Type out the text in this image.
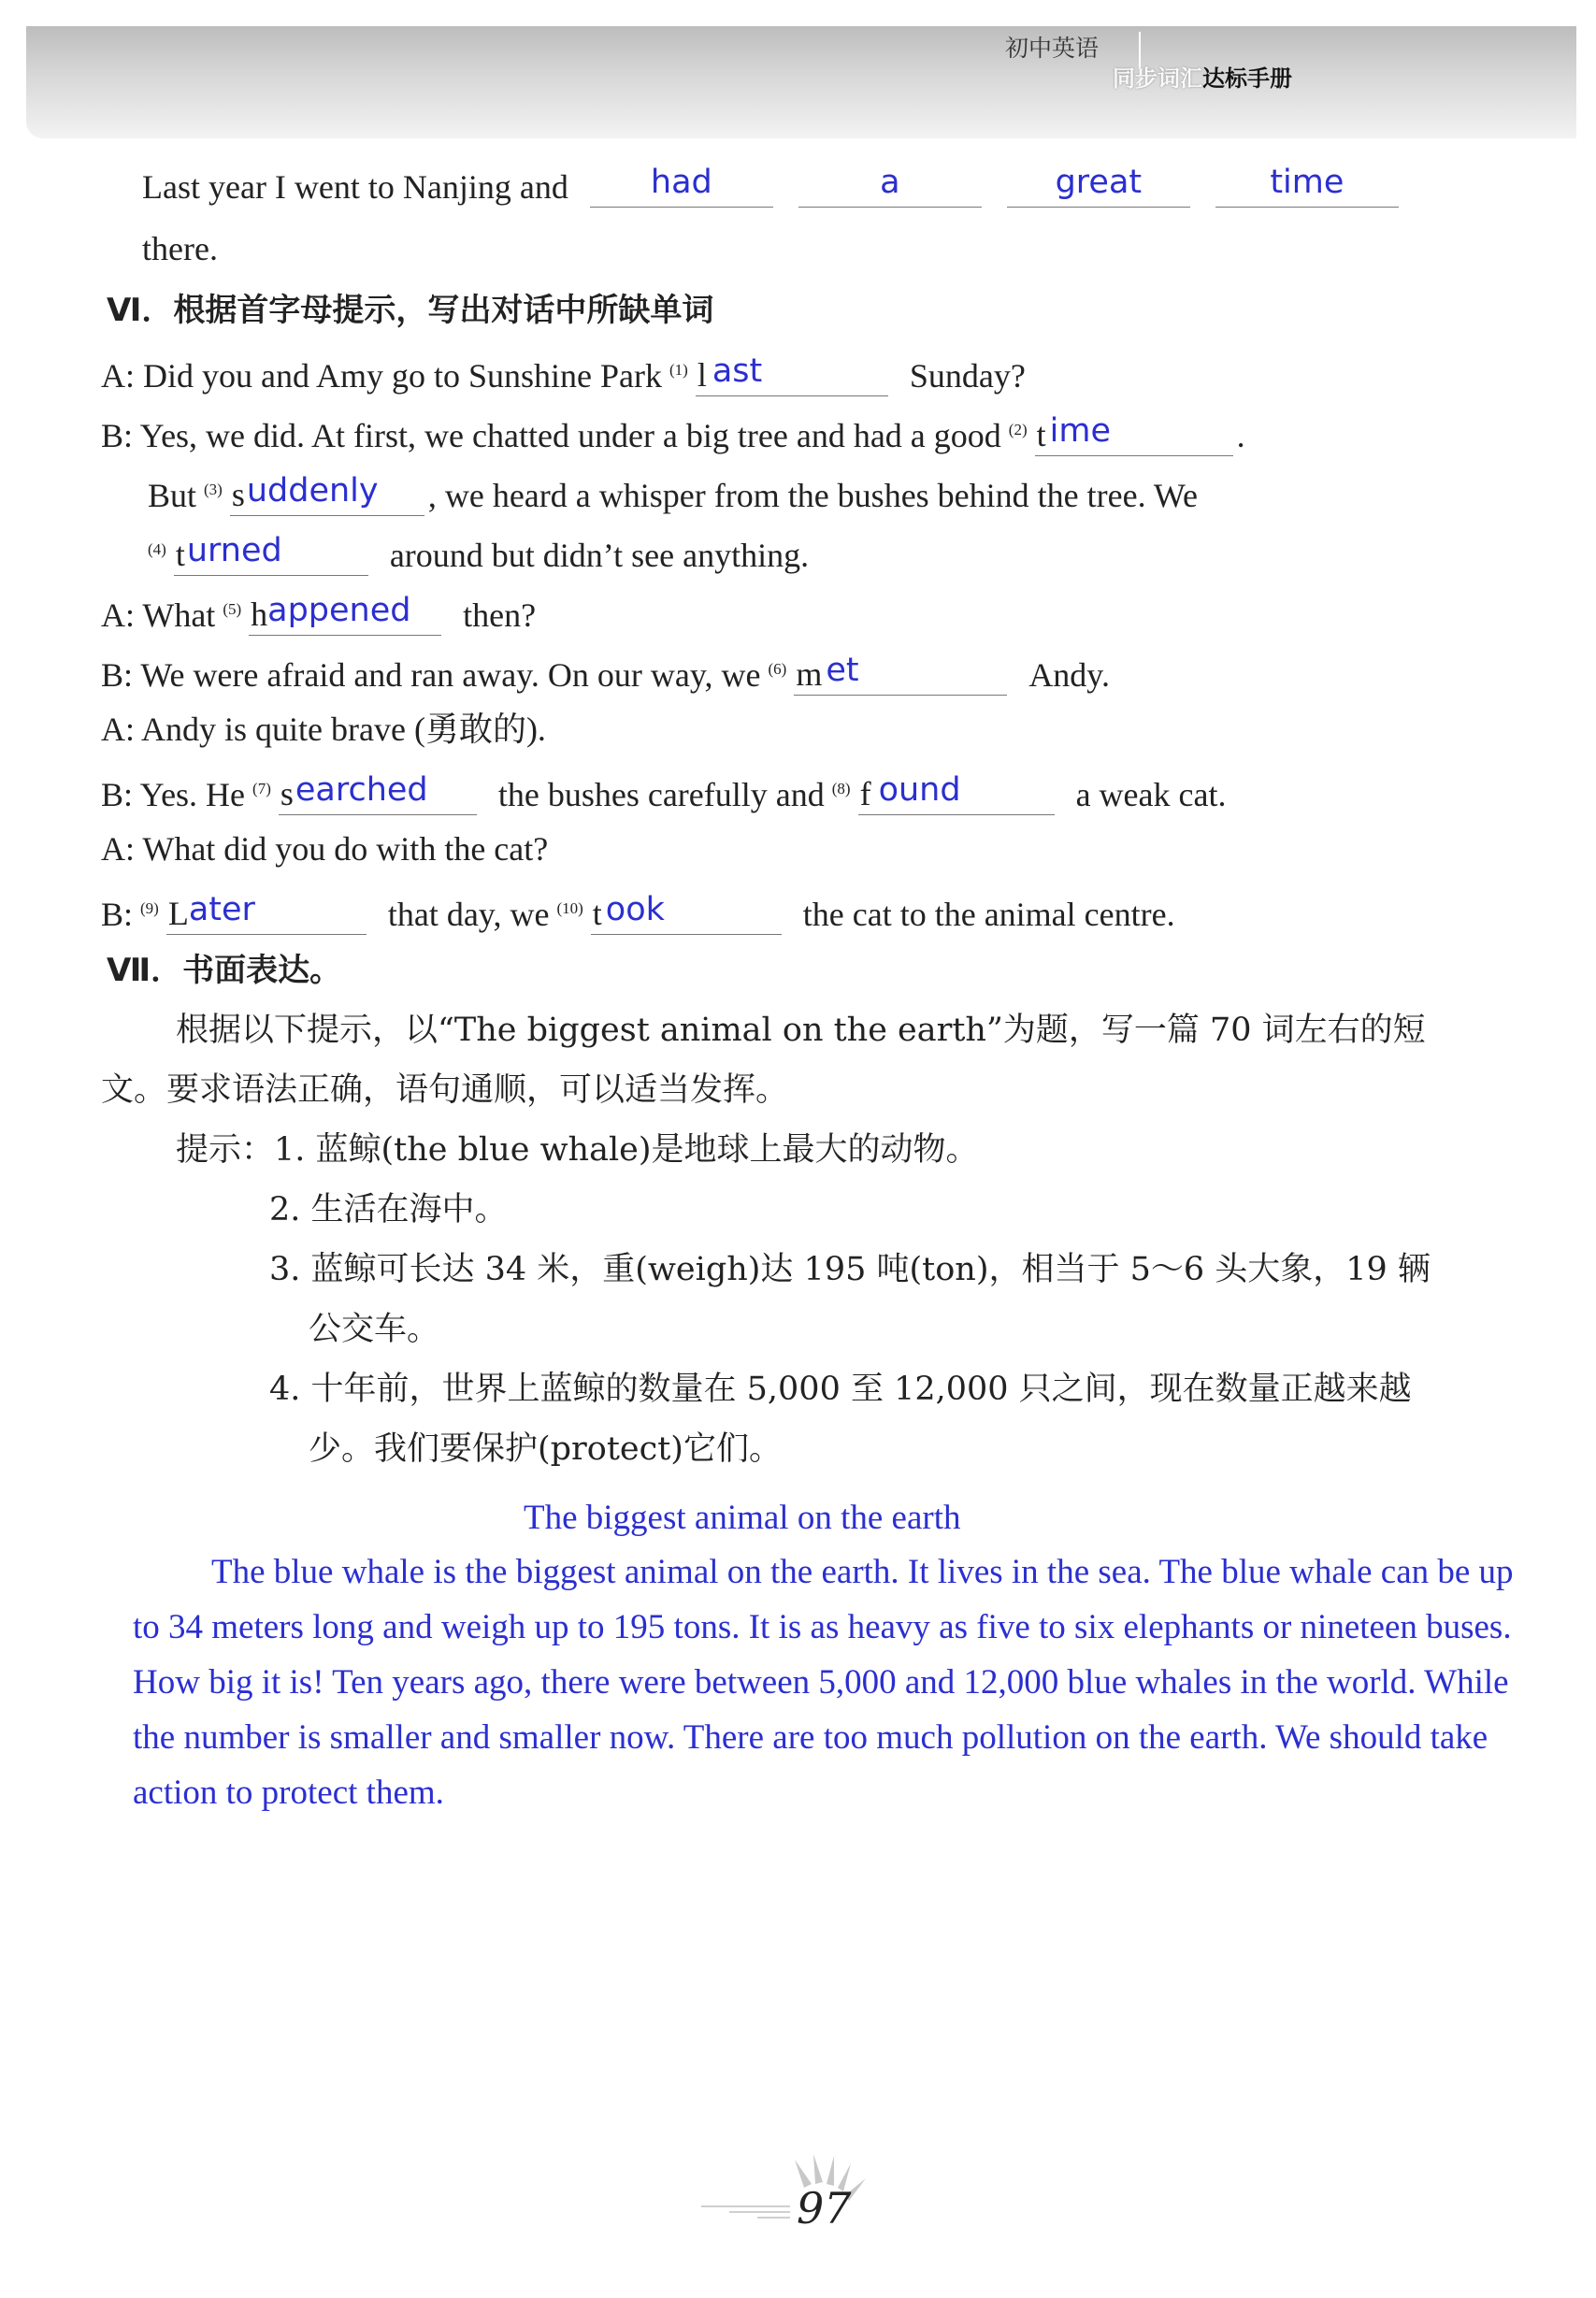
初中英语
同步词汇达标手册
Last year I went to Nanjing and	had
	a
	great
	time
there.
Ⅵ．根据首字母提示，写出对话中所缺单词
A: Did you and Amy go to Sunshine Park $^{(1)}$ l ast	Sunday?
B: Yes, we did. At first, we chatted under a big tree and had a good $^{(2)}$ t ime	.
But $^{(3)}$ s uddenly , we heard a whisper from the bushes behind the tree. We
$^{(4)}$ t urned	around but didn’t see anything.
A: What $^{(5)}$ h appened then?
B: We were afraid and ran away. On our way, we $^{(6)}$ m et	Andy.
A: Andy is quite brave (勇敢的).
B: Yes. He $^{(7)}$ s earched the bushes carefully and $^{(8)}$ f ound	a weak cat.
A: What did you do with the cat?
B: $^{(9)}$ L ater	that day, we $^{(10)}$ t ook	the cat to the animal centre.
Ⅶ．书面表达。
根据以下提示，以“The biggest animal on the earth”为题，写一篇 70 词左右的短
文。要求语法正确，语句通顺，可以适当发挥。
提示：1. 蓝鲸(the blue whale)是地球上最大的动物。
2. 生活在海中。
3. 蓝鲸可长达 34 米，重(weigh)达 195 吨(ton)，相当于 5～6 头大象，19 辆
公交车。
4. 十年前，世界上蓝鲸的数量在 5,000 至 12,000 只之间，现在数量正越来越
少。我们要保护(protect)它们。
The biggest animal on the earth
The blue whale is the biggest animal on the earth. It lives in the sea. The blue whale can be up to 34 meters long and weigh up to 195 tons. It is as heavy as five to six elephants or nineteen buses. How big it is! Ten years ago, there were between 5,000 and 12,000 blue whales in the world. While the number is smaller and smaller now. There are too much pollution on the earth. We should take action to protect them.
97
